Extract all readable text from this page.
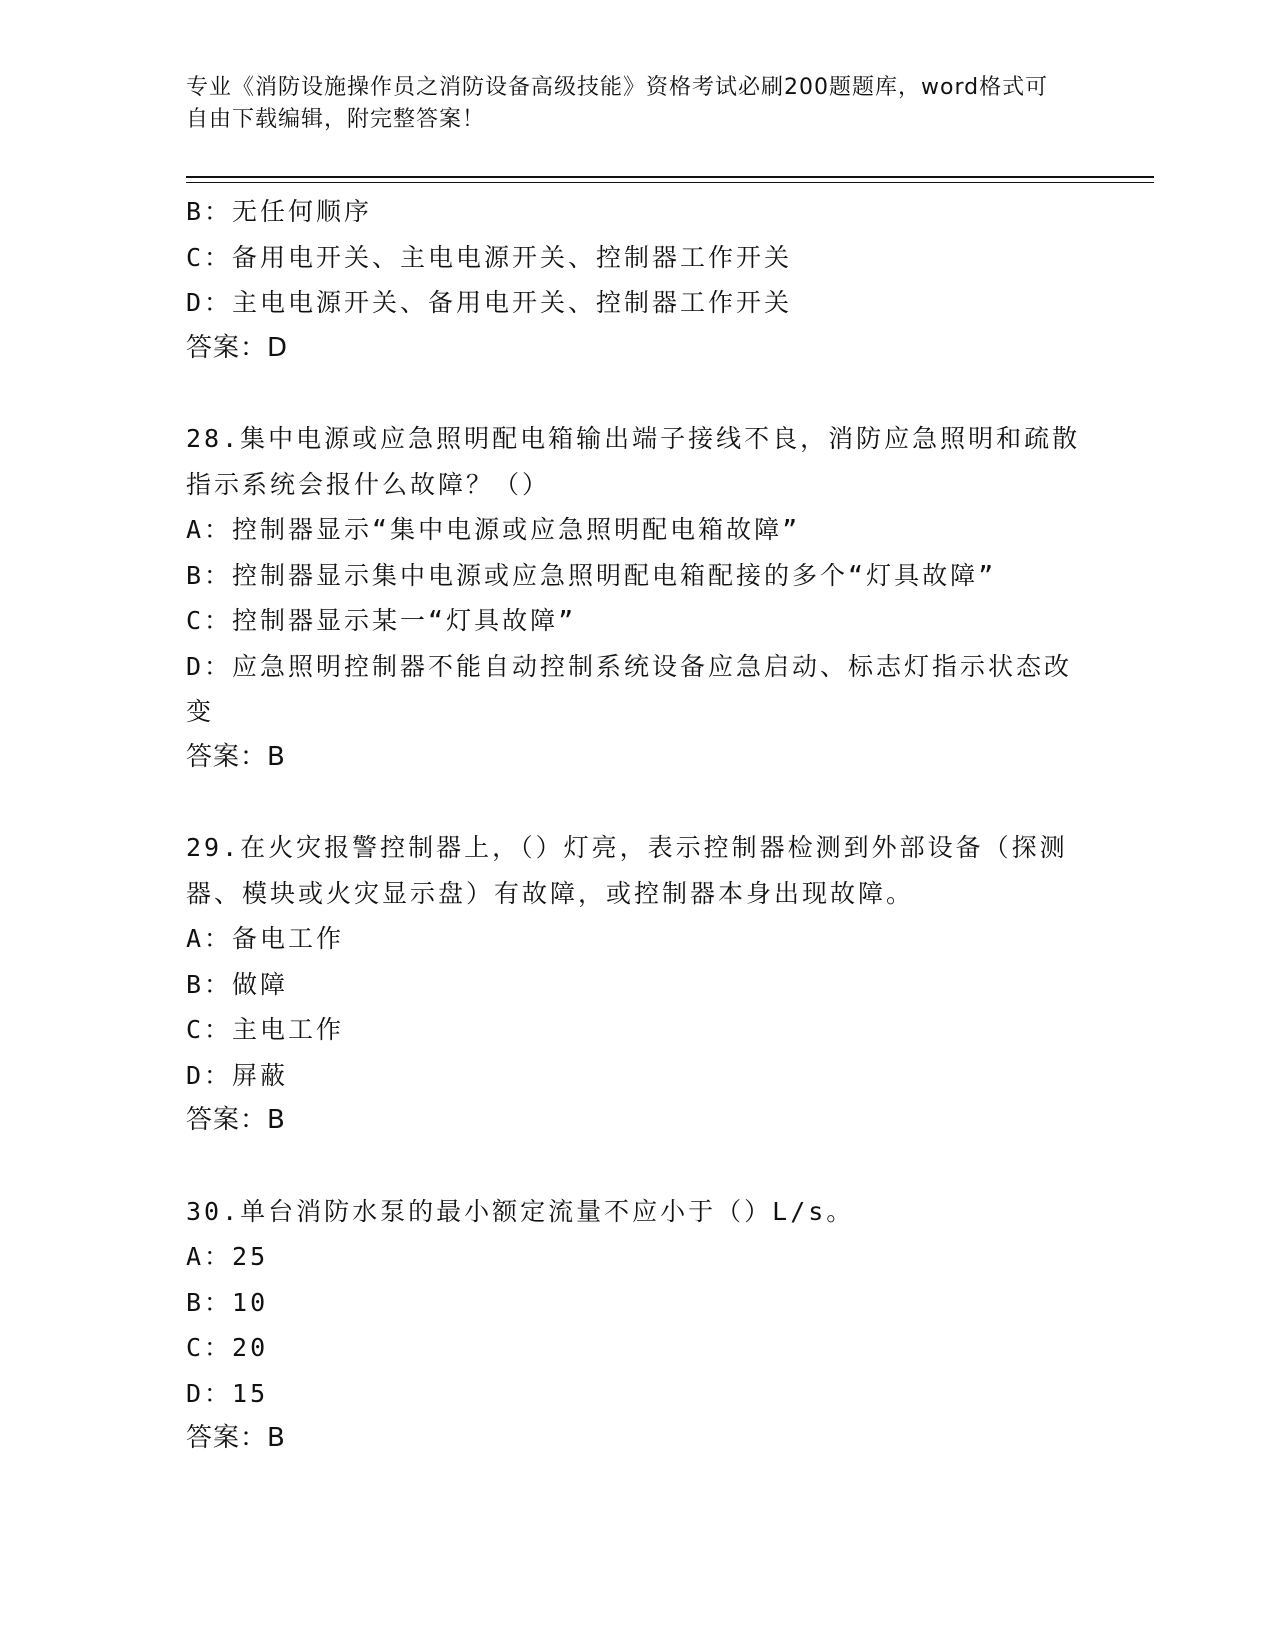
专业《消防设施操作员之消防设备高级技能》资格考试必刷200题题库，word格式可自由下载编辑，附完整答案！

B：无任何顺序

C：备用电开关、主电电源开关、控制器工作开关

D：主电电源开关、备用电开关、控制器工作开关

答案：D

28.集中电源或应急照明配电箱输出端子接线不良，消防应急照明和疏散指示系统会报什么故障？（）

A：控制器显示“集中电源或应急照明配电箱故障”

B：控制器显示集中电源或应急照明配电箱配接的多个“灯具故障”

C：控制器显示某一“灯具故障”

D：应急照明控制器不能自动控制系统设备应急启动、标志灯指示状态改变

答案：B

29.在火灾报警控制器上，（）灯亮，表示控制器检测到外部设备（探测器、模块或火灾显示盘）有故障，或控制器本身出现故障。

A：备电工作

B：做障

C：主电工作

D：屏蔽

答案：B

30.单台消防水泵的最小额定流量不应小于（）L/s。

A：25

B：10

C：20

D：15

答案：B
